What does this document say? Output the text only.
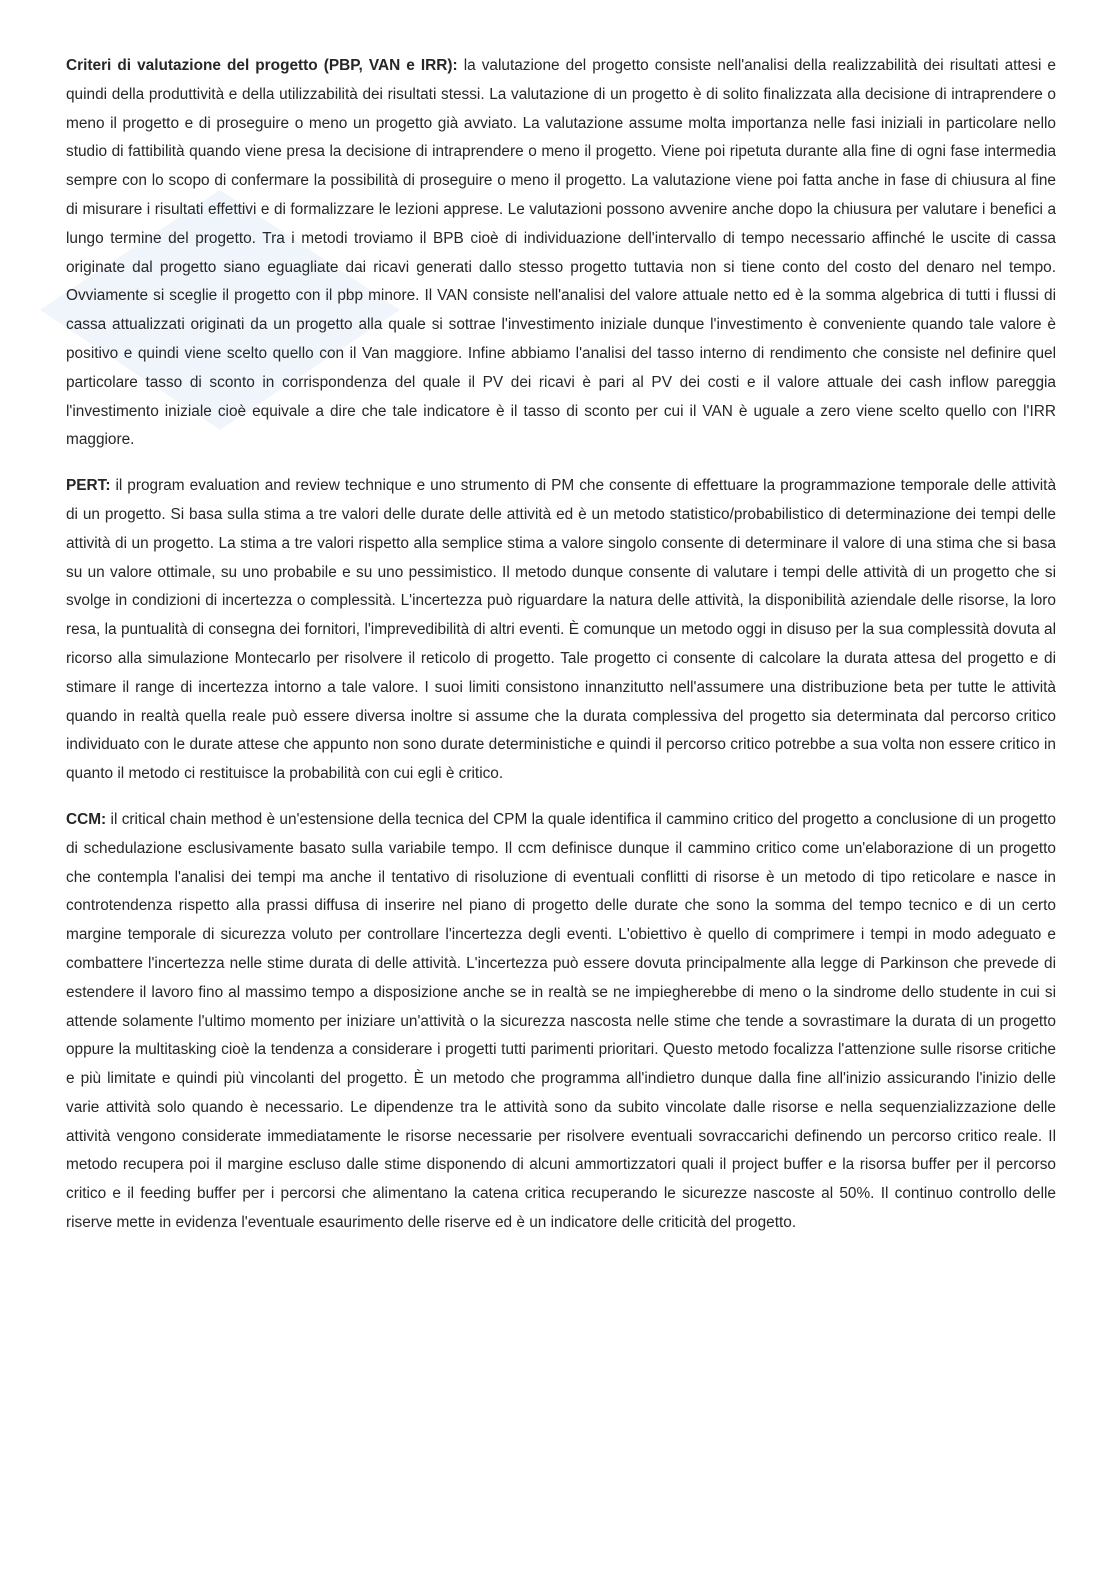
Criteri di valutazione del progetto (PBP, VAN e IRR): la valutazione del progetto consiste nell'analisi della realizzabilità dei risultati attesi e quindi della produttività e della utilizzabilità dei risultati stessi. La valutazione di un progetto è di solito finalizzata alla decisione di intraprendere o meno il progetto e di proseguire o meno un progetto già avviato. La valutazione assume molta importanza nelle fasi iniziali in particolare nello studio di fattibilità quando viene presa la decisione di intraprendere o meno il progetto. Viene poi ripetuta durante alla fine di ogni fase intermedia sempre con lo scopo di confermare la possibilità di proseguire o meno il progetto. La valutazione viene poi fatta anche in fase di chiusura al fine di misurare i risultati effettivi e di formalizzare le lezioni apprese. Le valutazioni possono avvenire anche dopo la chiusura per valutare i benefici a lungo termine del progetto. Tra i metodi troviamo il BPB cioè di individuazione dell'intervallo di tempo necessario affinché le uscite di cassa originate dal progetto siano eguagliate dai ricavi generati dallo stesso progetto tuttavia non si tiene conto del costo del denaro nel tempo. Ovviamente si sceglie il progetto con il pbp minore. Il VAN consiste nell'analisi del valore attuale netto ed è la somma algebrica di tutti i flussi di cassa attualizzati originati da un progetto alla quale si sottrae l'investimento iniziale dunque l'investimento è conveniente quando tale valore è positivo e quindi viene scelto quello con il Van maggiore. Infine abbiamo l'analisi del tasso interno di rendimento che consiste nel definire quel particolare tasso di sconto in corrispondenza del quale il PV dei ricavi è pari al PV dei costi e il valore attuale dei cash inflow pareggia l'investimento iniziale cioè equivale a dire che tale indicatore è il tasso di sconto per cui il VAN è uguale a zero viene scelto quello con l'IRR maggiore.

PERT: il program evaluation and review technique e uno strumento di PM che consente di effettuare la programmazione temporale delle attività di un progetto. Si basa sulla stima a tre valori delle durate delle attività ed è un metodo statistico/probabilistico di determinazione dei tempi delle attività di un progetto. La stima a tre valori rispetto alla semplice stima a valore singolo consente di determinare il valore di una stima che si basa su un valore ottimale, su uno probabile e su uno pessimistico. Il metodo dunque consente di valutare i tempi delle attività di un progetto che si svolge in condizioni di incertezza o complessità. L'incertezza può riguardare la natura delle attività, la disponibilità aziendale delle risorse, la loro resa, la puntualità di consegna dei fornitori, l'imprevedibilità di altri eventi. È comunque un metodo oggi in disuso per la sua complessità dovuta al ricorso alla simulazione Montecarlo per risolvere il reticolo di progetto. Tale progetto ci consente di calcolare la durata attesa del progetto e di stimare il range di incertezza intorno a tale valore. I suoi limiti consistono innanzitutto nell'assumere una distribuzione beta per tutte le attività quando in realtà quella reale può essere diversa inoltre si assume che la durata complessiva del progetto sia determinata dal percorso critico individuato con le durate attese che appunto non sono durate deterministiche e quindi il percorso critico potrebbe a sua volta non essere critico in quanto il metodo ci restituisce la probabilità con cui egli è critico.

CCM: il critical chain method è un'estensione della tecnica del CPM la quale identifica il cammino critico del progetto a conclusione di un progetto di schedulazione esclusivamente basato sulla variabile tempo. Il ccm definisce dunque il cammino critico come un'elaborazione di un progetto che contempla l'analisi dei tempi ma anche il tentativo di risoluzione di eventuali conflitti di risorse è un metodo di tipo reticolare e nasce in controtendenza rispetto alla prassi diffusa di inserire nel piano di progetto delle durate che sono la somma del tempo tecnico e di un certo margine temporale di sicurezza voluto per controllare l'incertezza degli eventi. L'obiettivo è quello di comprimere i tempi in modo adeguato e combattere l'incertezza nelle stime durata di delle attività. L'incertezza può essere dovuta principalmente alla legge di Parkinson che prevede di estendere il lavoro fino al massimo tempo a disposizione anche se in realtà se ne impiegherebbe di meno o la sindrome dello studente in cui si attende solamente l'ultimo momento per iniziare un'attività o la sicurezza nascosta nelle stime che tende a sovrastimare la durata di un progetto oppure la multitasking cioè la tendenza a considerare i progetti tutti parimenti prioritari. Questo metodo focalizza l'attenzione sulle risorse critiche e più limitate e quindi più vincolanti del progetto. È un metodo che programma all'indietro dunque dalla fine all'inizio assicurando l'inizio delle varie attività solo quando è necessario. Le dipendenze tra le attività sono da subito vincolate dalle risorse e nella sequenzializzazione delle attività vengono considerate immediatamente le risorse necessarie per risolvere eventuali sovraccarichi definendo un percorso critico reale. Il metodo recupera poi il margine escluso dalle stime disponendo di alcuni ammortizzatori quali il project buffer e la risorsa buffer per il percorso critico e il feeding buffer per i percorsi che alimentano la catena critica recuperando le sicurezze nascoste al 50%. Il continuo controllo delle riserve mette in evidenza l'eventuale esaurimento delle riserve ed è un indicatore delle criticità del progetto.
